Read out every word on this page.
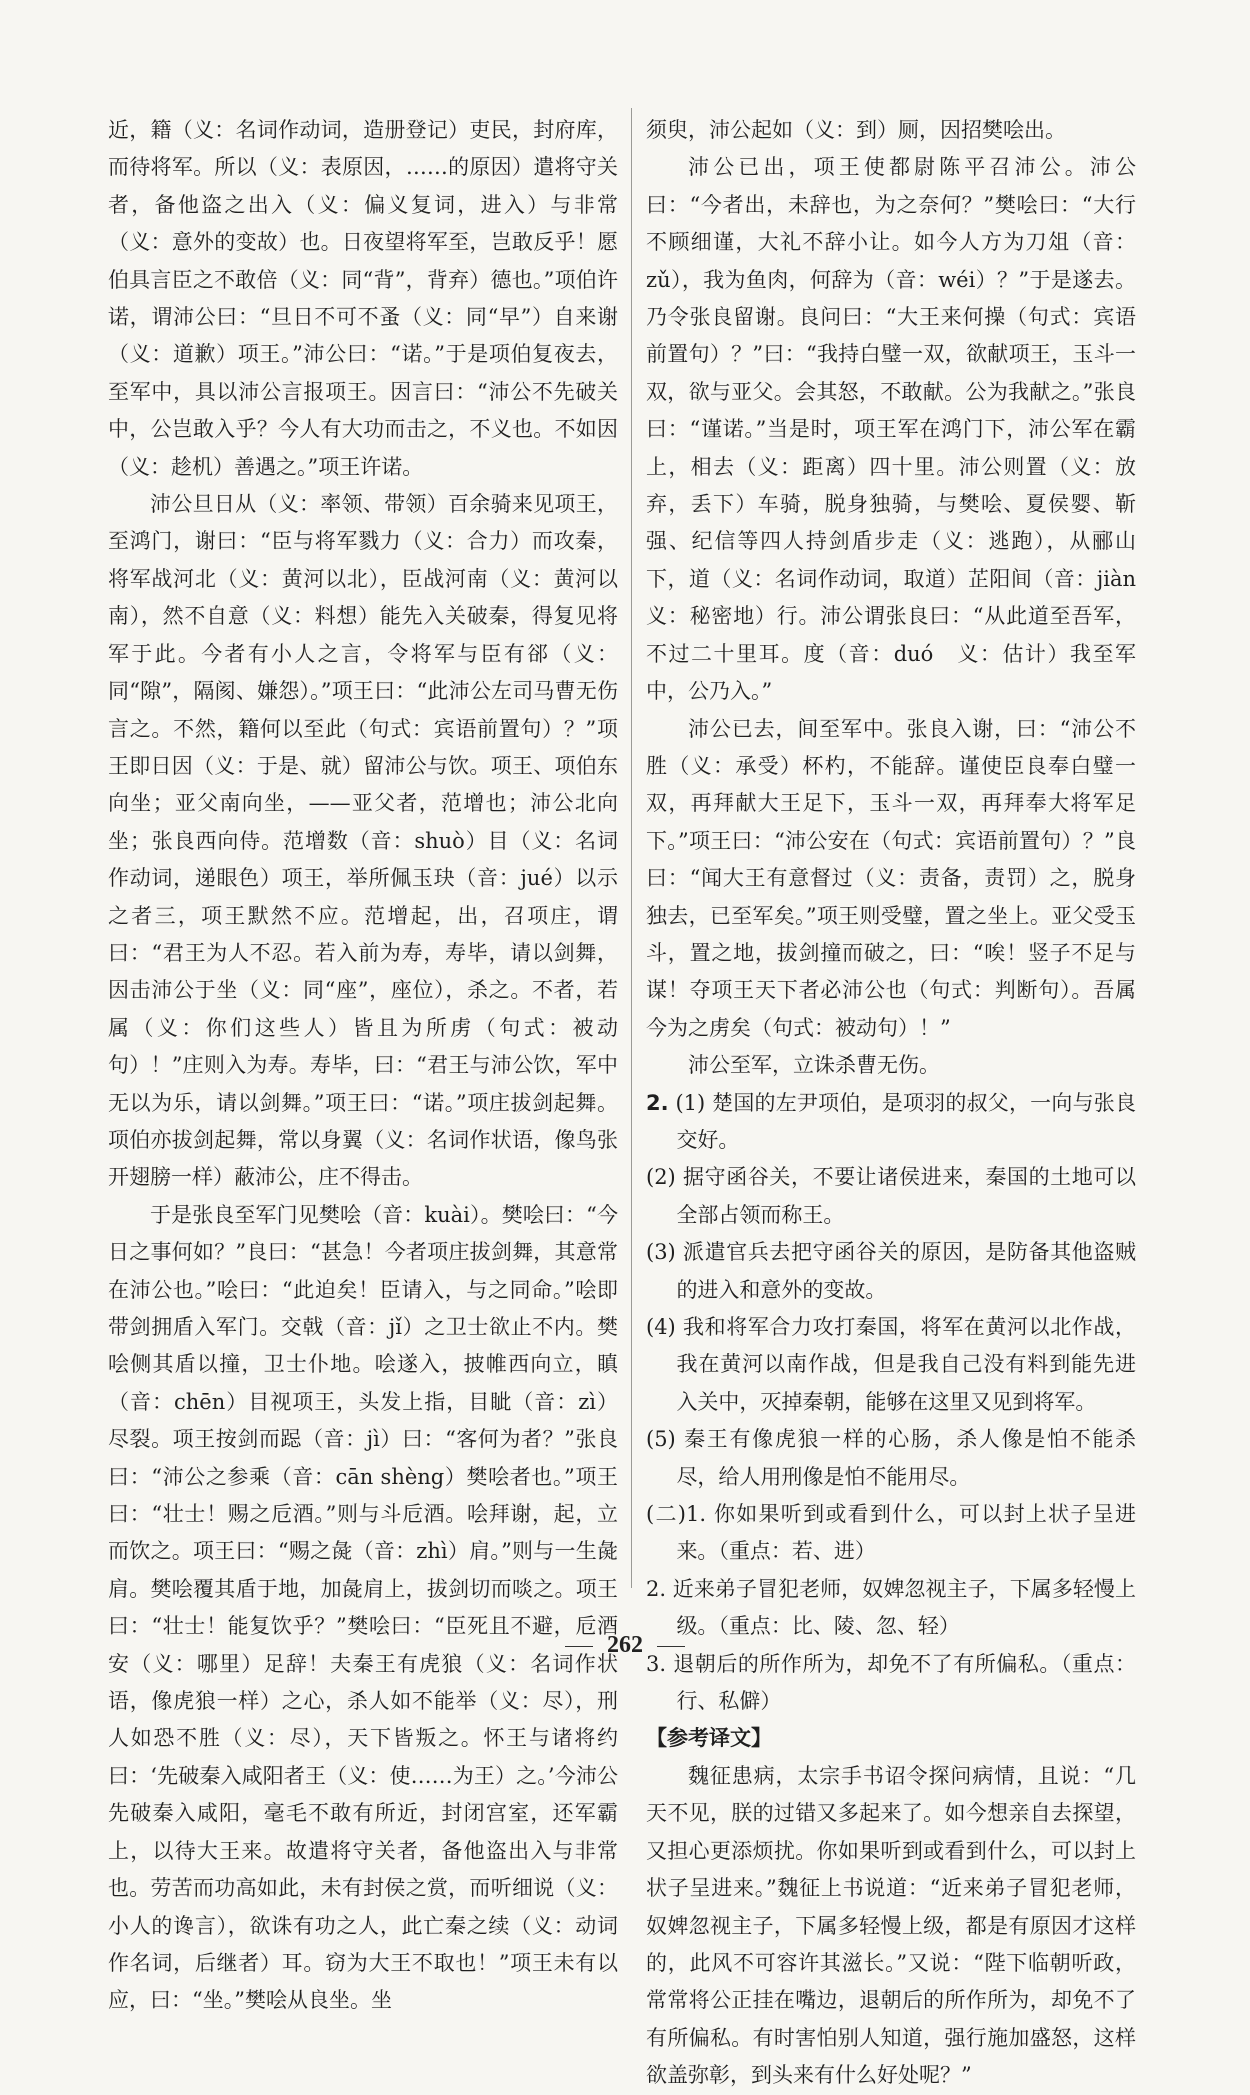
近，籍（义：名词作动词，造册登记）吏民，封府库，而待将军。所以（义：表原因，……的原因）遣将守关者，备他盗之出入（义：偏义复词，进入）与非常（义：意外的变故）也。日夜望将军至，岂敢反乎！愿伯具言臣之不敢倍（义：同“背”，背弃）德也。”项伯许诺，谓沛公曰：“旦日不可不蚤（义：同“早”）自来谢（义：道歉）项王。”沛公曰：“诺。”于是项伯复夜去，至军中，具以沛公言报项王。因言曰：“沛公不先破关中，公岂敢入乎？今人有大功而击之，不义也。不如因（义：趁机）善遇之。”项王许诺。

沛公旦日从（义：率领、带领）百余骑来见项王，至鸿门，谢曰：“臣与将军戮力（义：合力）而攻秦，将军战河北（义：黄河以北），臣战河南（义：黄河以南），然不自意（义：料想）能先入关破秦，得复见将军于此。今者有小人之言，令将军与臣有郤（义：同“隙”，隔阂、嫌怨）。”项王曰：“此沛公左司马曹无伤言之。不然，籍何以至此（句式：宾语前置句）？”项王即日因（义：于是、就）留沛公与饮。项王、项伯东向坐；亚父南向坐，——亚父者，范增也；沛公北向坐；张良西向侍。范增数（音：shuò）目（义：名词作动词，递眼色）项王，举所佩玉玦（音：jué）以示之者三，项王默然不应。范增起，出，召项庄，谓曰：“君王为人不忍。若入前为寿，寿毕，请以剑舞，因击沛公于坐（义：同“座”，座位），杀之。不者，若属（义：你们这些人）皆且为所虏（句式：被动句）！”庄则入为寿。寿毕，曰：“君王与沛公饮，军中无以为乐，请以剑舞。”项王曰：“诺。”项庄拔剑起舞。项伯亦拔剑起舞，常以身翼（义：名词作状语，像鸟张开翅膀一样）蔽沛公，庄不得击。

于是张良至军门见樊哙（音：kuài）。樊哙曰：“今日之事何如？”良曰：“甚急！今者项庄拔剑舞，其意常在沛公也。”哙曰：“此迫矣！臣请入，与之同命。”哙即带剑拥盾入军门。交戟（音：jǐ）之卫士欲止不内。樊哙侧其盾以撞，卫士仆地。哙遂入，披帷西向立，瞋（音：chēn）目视项王，头发上指，目眦（音：zì）尽裂。项王按剑而跽（音：jì）曰：“客何为者？”张良曰：“沛公之参乘（音：cān shèng）樊哙者也。”项王曰：“壮士！赐之卮酒。”则与斗卮酒。哙拜谢，起，立而饮之。项王曰：“赐之彘（音：zhì）肩。”则与一生彘肩。樊哙覆其盾于地，加彘肩上，拔剑切而啖之。项王曰：“壮士！能复饮乎？”樊哙曰：“臣死且不避，卮酒安（义：哪里）足辞！夫秦王有虎狼（义：名词作状语，像虎狼一样）之心，杀人如不能举（义：尽），刑人如恐不胜（义：尽），天下皆叛之。怀王与诸将约曰：‘先破秦入咸阳者王（义：使……为王）之。’今沛公先破秦入咸阳，毫毛不敢有所近，封闭宫室，还军霸上，以待大王来。故遣将守关者，备他盗出入与非常也。劳苦而功高如此，未有封侯之赏，而听细说（义：小人的谗言），欲诛有功之人，此亡秦之续（义：动词作名词，后继者）耳。窃为大王不取也！”项王未有以应，曰：“坐。”樊哙从良坐。坐

须臾，沛公起如（义：到）厕，因招樊哙出。

沛公已出，项王使都尉陈平召沛公。沛公曰：“今者出，未辞也，为之奈何？”樊哙曰：“大行不顾细谨，大礼不辞小让。如今人方为刀俎（音：zǔ），我为鱼肉，何辞为（音：wéi）？”于是遂去。乃令张良留谢。良问曰：“大王来何操（句式：宾语前置句）？”曰：“我持白璧一双，欲献项王，玉斗一双，欲与亚父。会其怒，不敢献。公为我献之。”张良曰：“谨诺。”当是时，项王军在鸿门下，沛公军在霸上，相去（义：距离）四十里。沛公则置（义：放弃，丢下）车骑，脱身独骑，与樊哙、夏侯婴、靳强、纪信等四人持剑盾步走（义：逃跑），从郦山下，道（义：名词作动词，取道）芷阳间（音：jiàn　义：秘密地）行。沛公谓张良曰：“从此道至吾军，不过二十里耳。度（音：duó　义：估计）我至军中，公乃入。”

沛公已去，间至军中。张良入谢，曰：“沛公不胜（义：承受）杯杓，不能辞。谨使臣良奉白璧一双，再拜献大王足下，玉斗一双，再拜奉大将军足下。”项王曰：“沛公安在（句式：宾语前置句）？”良曰：“闻大王有意督过（义：责备，责罚）之，脱身独去，已至军矣。”项王则受璧，置之坐上。亚父受玉斗，置之地，拔剑撞而破之，曰：“唉！竖子不足与谋！夺项王天下者必沛公也（句式：判断句）。吾属今为之虏矣（句式：被动句）！”

沛公至军，立诛杀曹无伤。

2. (1) 楚国的左尹项伯，是项羽的叔父，一向与张良交好。

(2) 据守函谷关，不要让诸侯进来，秦国的土地可以全部占领而称王。

(3) 派遣官兵去把守函谷关的原因，是防备其他盗贼的进入和意外的变故。

(4) 我和将军合力攻打秦国，将军在黄河以北作战，我在黄河以南作战，但是我自己没有料到能先进入关中，灭掉秦朝，能够在这里又见到将军。

(5) 秦王有像虎狼一样的心肠，杀人像是怕不能杀尽，给人用刑像是怕不能用尽。

(二)1. 你如果听到或看到什么，可以封上状子呈进来。（重点：若、进）

2. 近来弟子冒犯老师，奴婢忽视主子，下属多轻慢上级。（重点：比、陵、忽、轻）

3. 退朝后的所作所为，却免不了有所偏私。（重点：行、私僻）

【参考译文】

魏征患病，太宗手书诏令探问病情，且说：“几天不见，朕的过错又多起来了。如今想亲自去探望，又担心更添烦扰。你如果听到或看到什么，可以封上状子呈进来。”魏征上书说道：“近来弟子冒犯老师，奴婢忽视主子，下属多轻慢上级，都是有原因才这样的，此风不可容许其滋长。”又说：“陛下临朝听政，常常将公正挂在嘴边，退朝后的所作所为，却免不了有所偏私。有时害怕别人知道，强行施加盛怒，这样欲盖弥彰，到头来有什么好处呢？”

262
